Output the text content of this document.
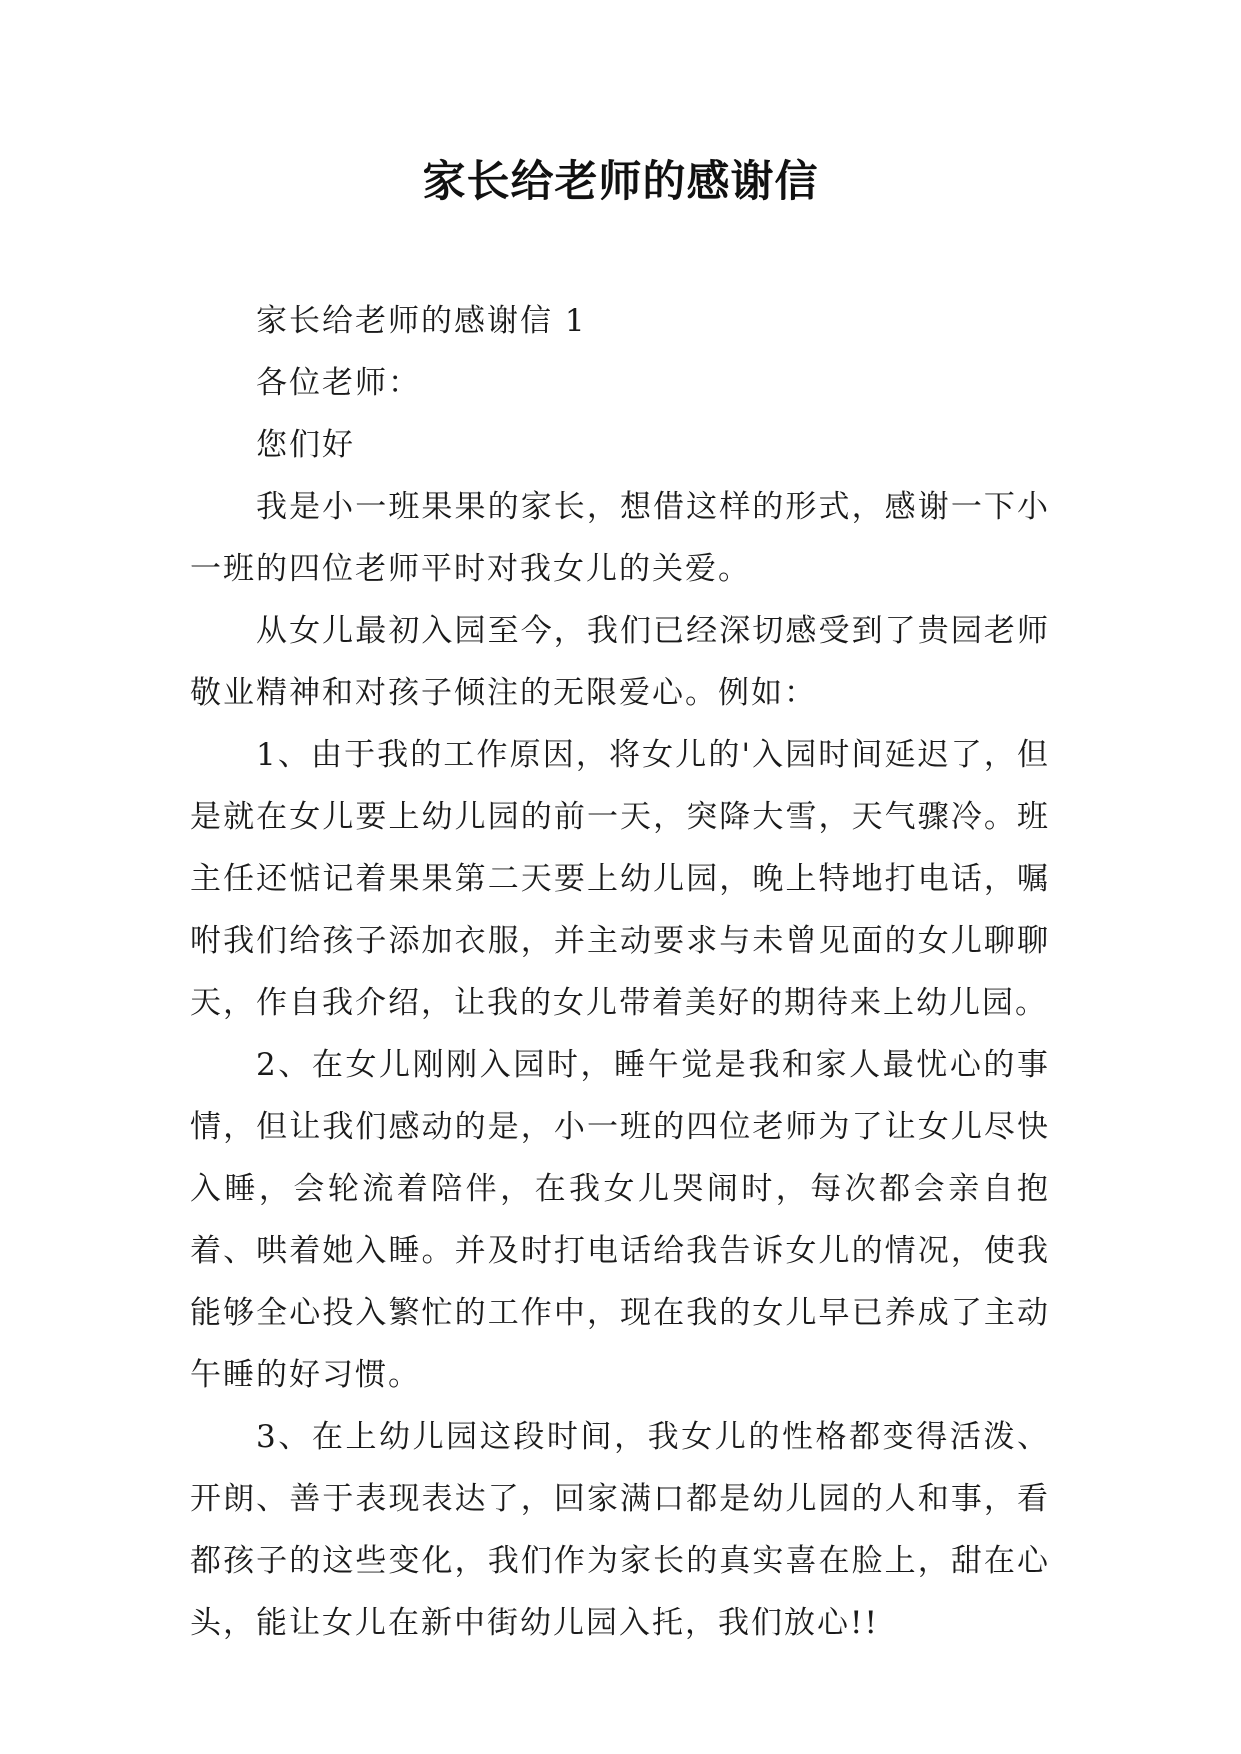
家长给老师的感谢信

家长给老师的感谢信 1

各位老师：

您们好

我是小一班果果的家长，想借这样的形式，感谢一下小一班的四位老师平时对我女儿的关爱。

从女儿最初入园至今，我们已经深切感受到了贵园老师敬业精神和对孩子倾注的无限爱心。例如：

1、由于我的工作原因，将女儿的'入园时间延迟了，但是就在女儿要上幼儿园的前一天，突降大雪，天气骤冷。班主任还惦记着果果第二天要上幼儿园，晚上特地打电话，嘱咐我们给孩子添加衣服，并主动要求与未曾见面的女儿聊聊天，作自我介绍，让我的女儿带着美好的期待来上幼儿园。

2、在女儿刚刚入园时，睡午觉是我和家人最忧心的事情，但让我们感动的是，小一班的四位老师为了让女儿尽快入睡，会轮流着陪伴，在我女儿哭闹时，每次都会亲自抱着、哄着她入睡。并及时打电话给我告诉女儿的情况，使我能够全心投入繁忙的工作中，现在我的女儿早已养成了主动午睡的好习惯。

3、在上幼儿园这段时间，我女儿的性格都变得活泼、开朗、善于表现表达了，回家满口都是幼儿园的人和事，看都孩子的这些变化，我们作为家长的真实喜在脸上，甜在心头，能让女儿在新中街幼儿园入托，我们放心!!
